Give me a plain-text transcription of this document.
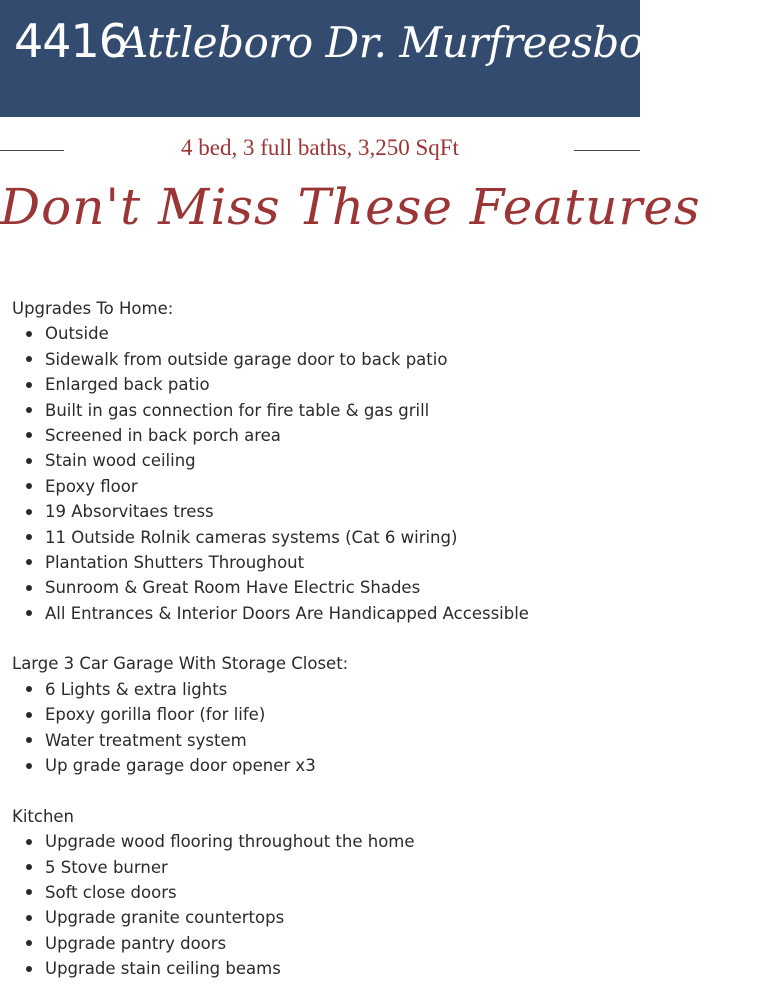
4416
Attleboro Dr. Murfreesboro, TN
4 bed, 3 full baths, 3,250 SqFt
Don't Miss These Features
Upgrades To Home:
Outside
Sidewalk from outside garage door to back patio
Enlarged back patio
Built in gas connection for fire table & gas grill
Screened in back porch area
Stain wood ceiling
Epoxy floor
19 Absorvitaes tress
11 Outside Rolnik cameras systems (Cat 6 wiring)
Plantation Shutters Throughout
Sunroom & Great Room Have Electric Shades
All Entrances & Interior Doors Are Handicapped Accessible
Large 3 Car Garage With Storage Closet:
6 Lights & extra lights
Epoxy gorilla floor (for life)
Water treatment system
Up grade garage door opener x3
Kitchen
Upgrade wood flooring throughout the home
5 Stove burner
Soft close doors
Upgrade granite countertops
Upgrade pantry doors
Upgrade stain ceiling beams
